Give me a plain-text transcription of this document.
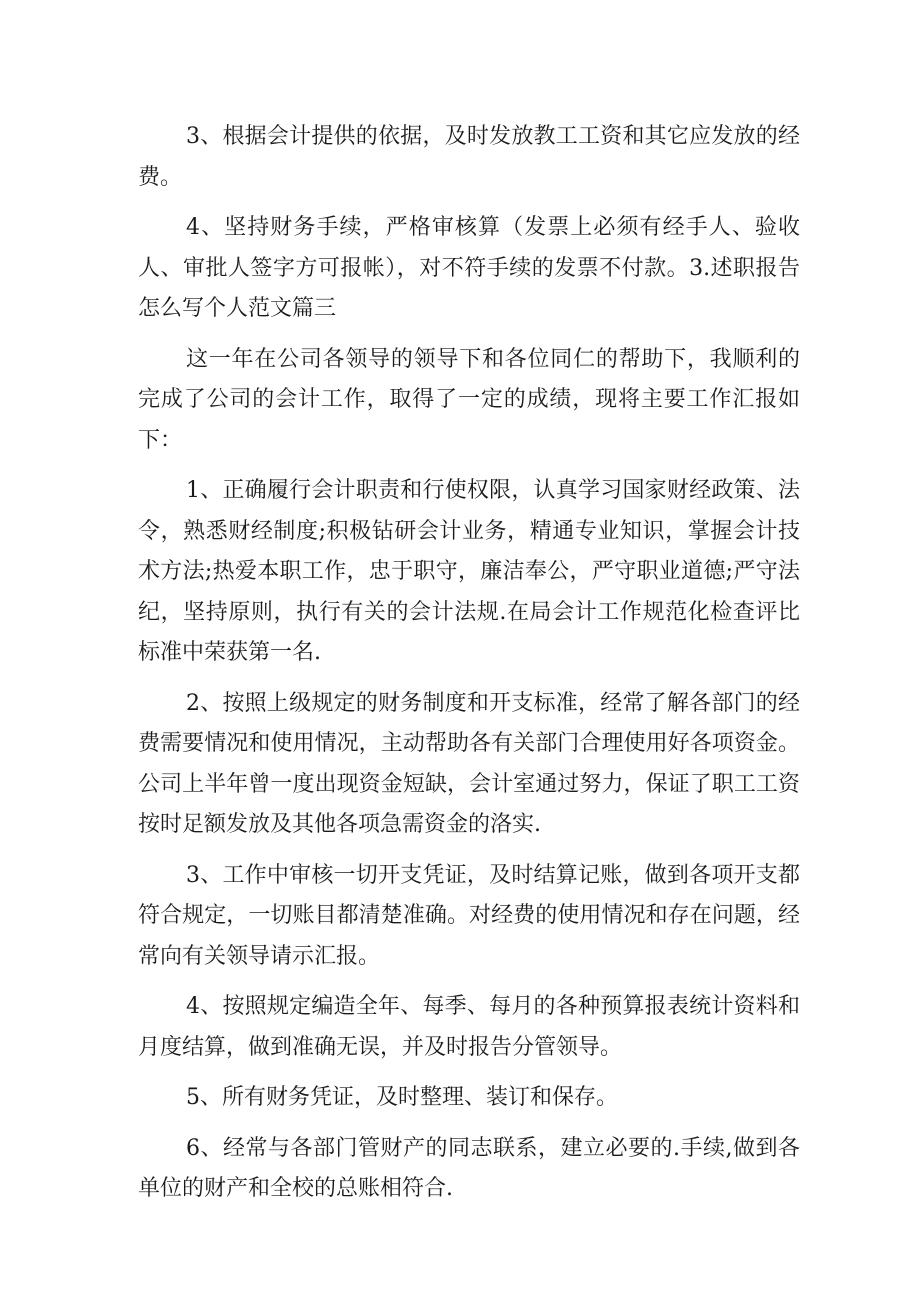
3、根据会计提供的依据，及时发放教工工资和其它应发放的经费。

4、坚持财务手续，严格审核算（发票上必须有经手人、验收人、审批人签字方可报帐），对不符手续的发票不付款。3.述职报告怎么写个人范文篇三

这一年在公司各领导的领导下和各位同仁的帮助下，我顺利的完成了公司的会计工作，取得了一定的成绩，现将主要工作汇报如下：

1、正确履行会计职责和行使权限，认真学习国家财经政策、法令，熟悉财经制度;积极钻研会计业务，精通专业知识，掌握会计技术方法;热爱本职工作，忠于职守，廉洁奉公，严守职业道德;严守法纪，坚持原则，执行有关的会计法规.在局会计工作规范化检查评比标准中荣获第一名.

2、按照上级规定的财务制度和开支标准，经常了解各部门的经费需要情况和使用情况，主动帮助各有关部门合理使用好各项资金。公司上半年曾一度出现资金短缺，会计室通过努力，保证了职工工资按时足额发放及其他各项急需资金的洛实.

3、工作中审核一切开支凭证，及时结算记账，做到各项开支都符合规定，一切账目都清楚准确。对经费的使用情况和存在问题，经常向有关领导请示汇报。

4、按照规定编造全年、每季、每月的各种预算报表统计资料和月度结算，做到准确无误，并及时报告分管领导。

5、所有财务凭证，及时整理、装订和保存。

6、经常与各部门管财产的同志联系，建立必要的.手续,做到各单位的财产和全校的总账相符合.
